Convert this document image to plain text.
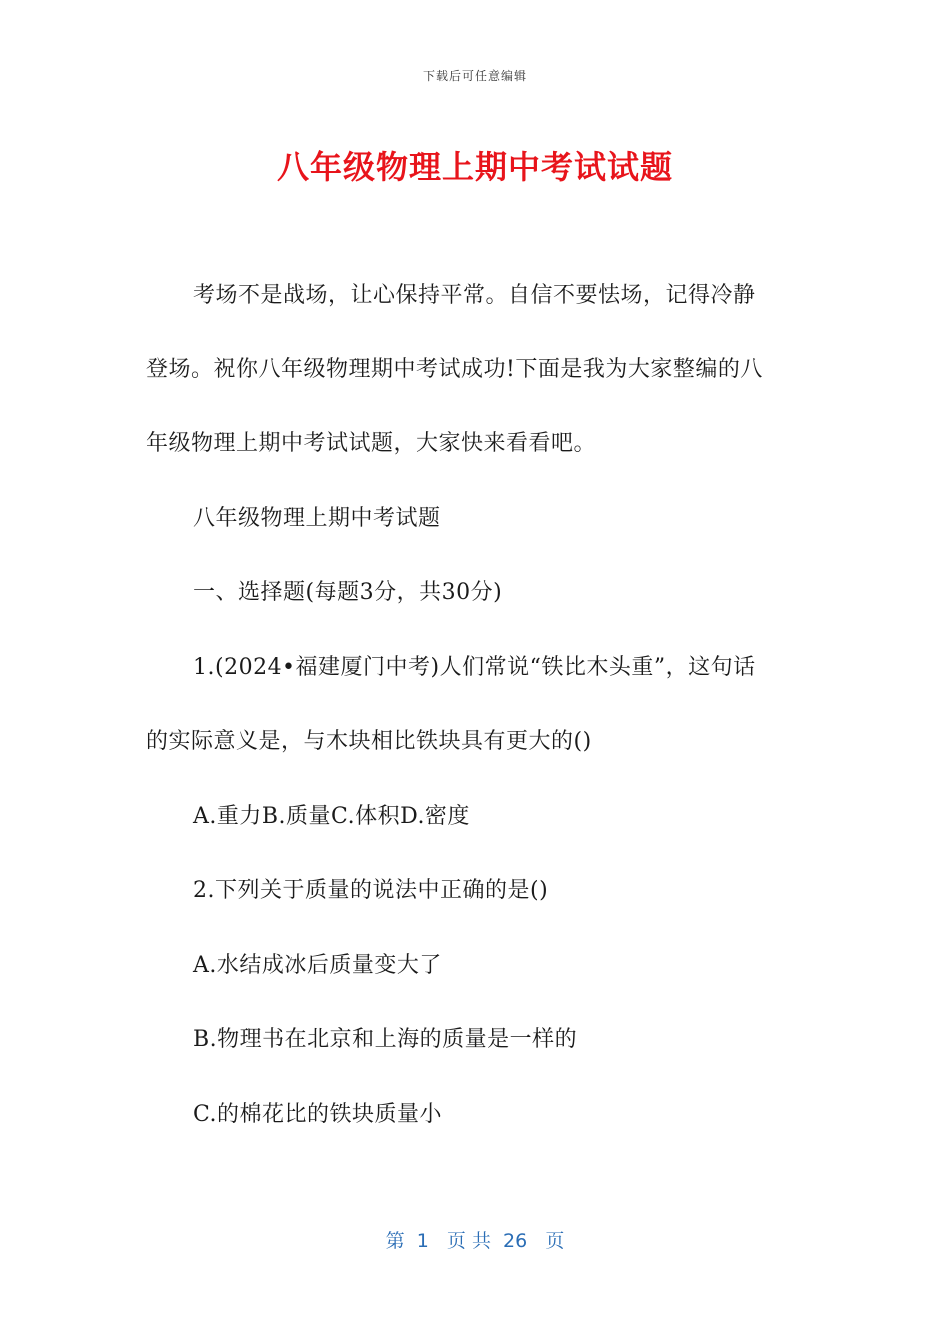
下载后可任意编辑
八年级物理上期中考试试题
考场不是战场，让心保持平常。自信不要怯场，记得冷静
登场。祝你八年级物理期中考试成功!下面是我为大家整编的八
年级物理上期中考试试题，大家快来看看吧。
八年级物理上期中考试题
一、选择题(每题3分，共30分)
1.(2024•福建厦门中考)人们常说“铁比木头重”，这句话
的实际意义是，与木块相比铁块具有更大的()
A.重力B.质量C.体积D.密度
2.下列关于质量的说法中正确的是()
A.水结成冰后质量变大了
B.物理书在北京和上海的质量是一样的
C.的棉花比的铁块质量小
第  1   页 共  26   页
